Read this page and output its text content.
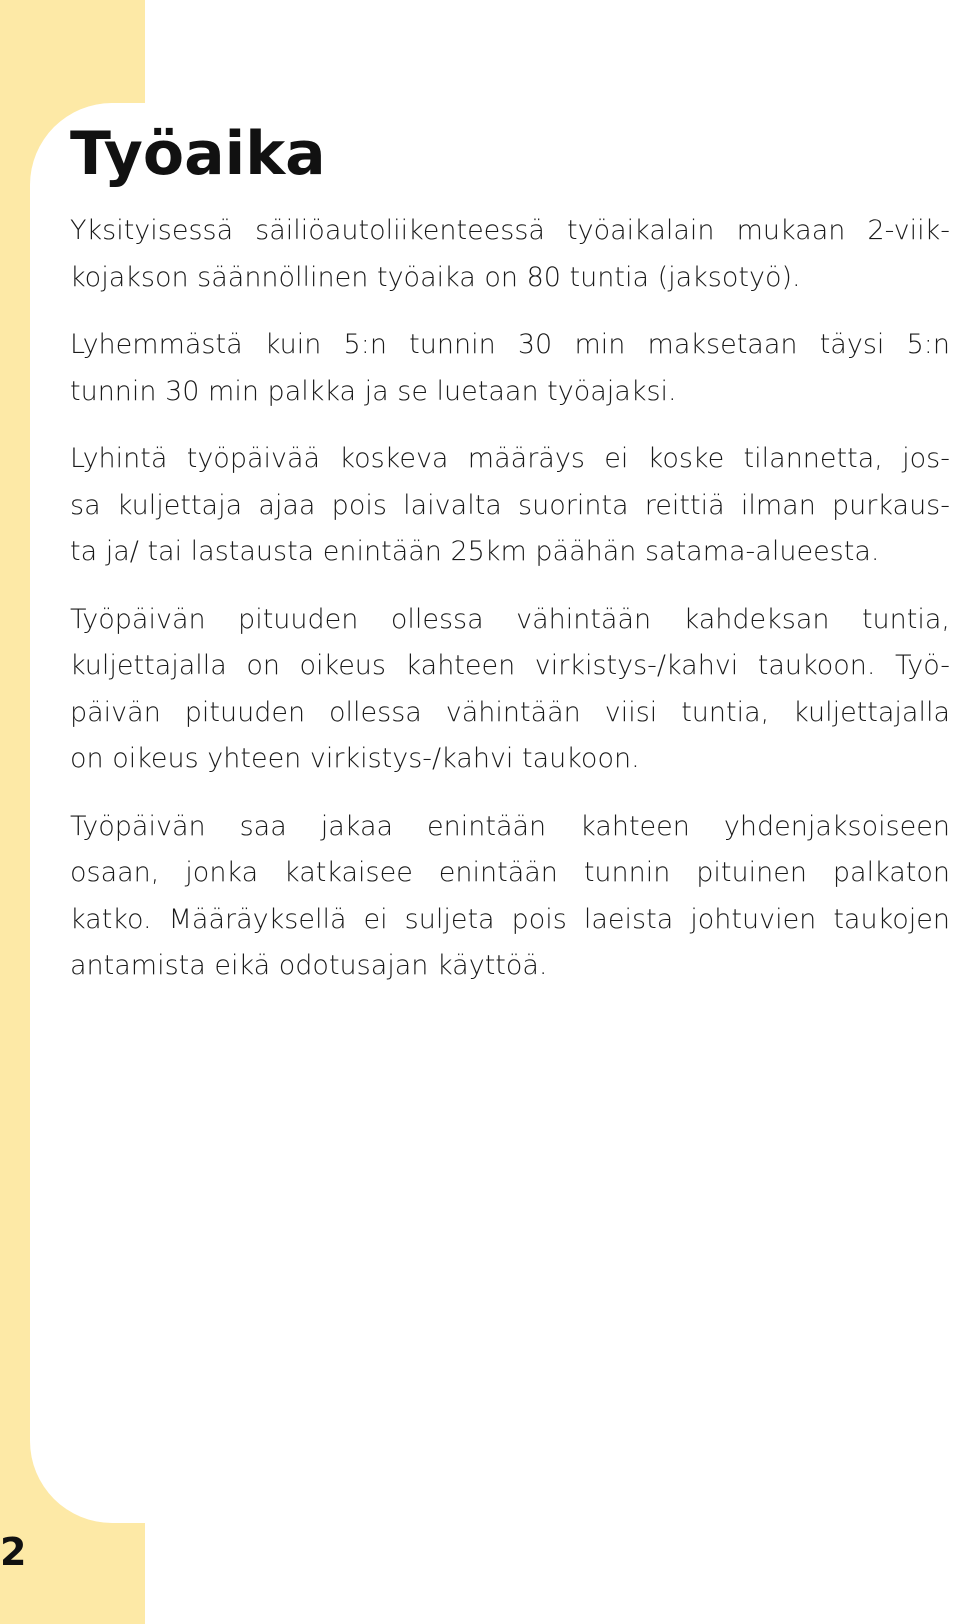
Työaika

Yksityisessä säiliöautoliikenteessä työaikalain mukaan 2-viik-
kojakson säännöllinen työaika on 80 tuntia (jaksotyö).

Lyhemmästä kuin 5:n tunnin 30 min maksetaan täysi 5:n
tunnin 30 min palkka ja se luetaan työajaksi.

Lyhintä työpäivää koskeva määräys ei koske tilannetta, jos-
sa kuljettaja ajaa pois laivalta suorinta reittiä ilman purkaus-
ta ja/ tai lastausta enintään 25km päähän satama-alueesta.

Työpäivän pituuden ollessa vähintään kahdeksan tuntia,
kuljettajalla on oikeus kahteen virkistys-/kahvi taukoon. Työ-
päivän pituuden ollessa vähintään viisi tuntia, kuljettajalla
on oikeus yhteen virkistys-/kahvi taukoon.

Työpäivän saa jakaa enintään kahteen yhdenjaksoiseen
osaan, jonka katkaisee enintään tunnin pituinen palkaton
katko. Määräyksellä ei suljeta pois laeista johtuvien taukojen
antamista eikä odotusajan käyttöä.

2
